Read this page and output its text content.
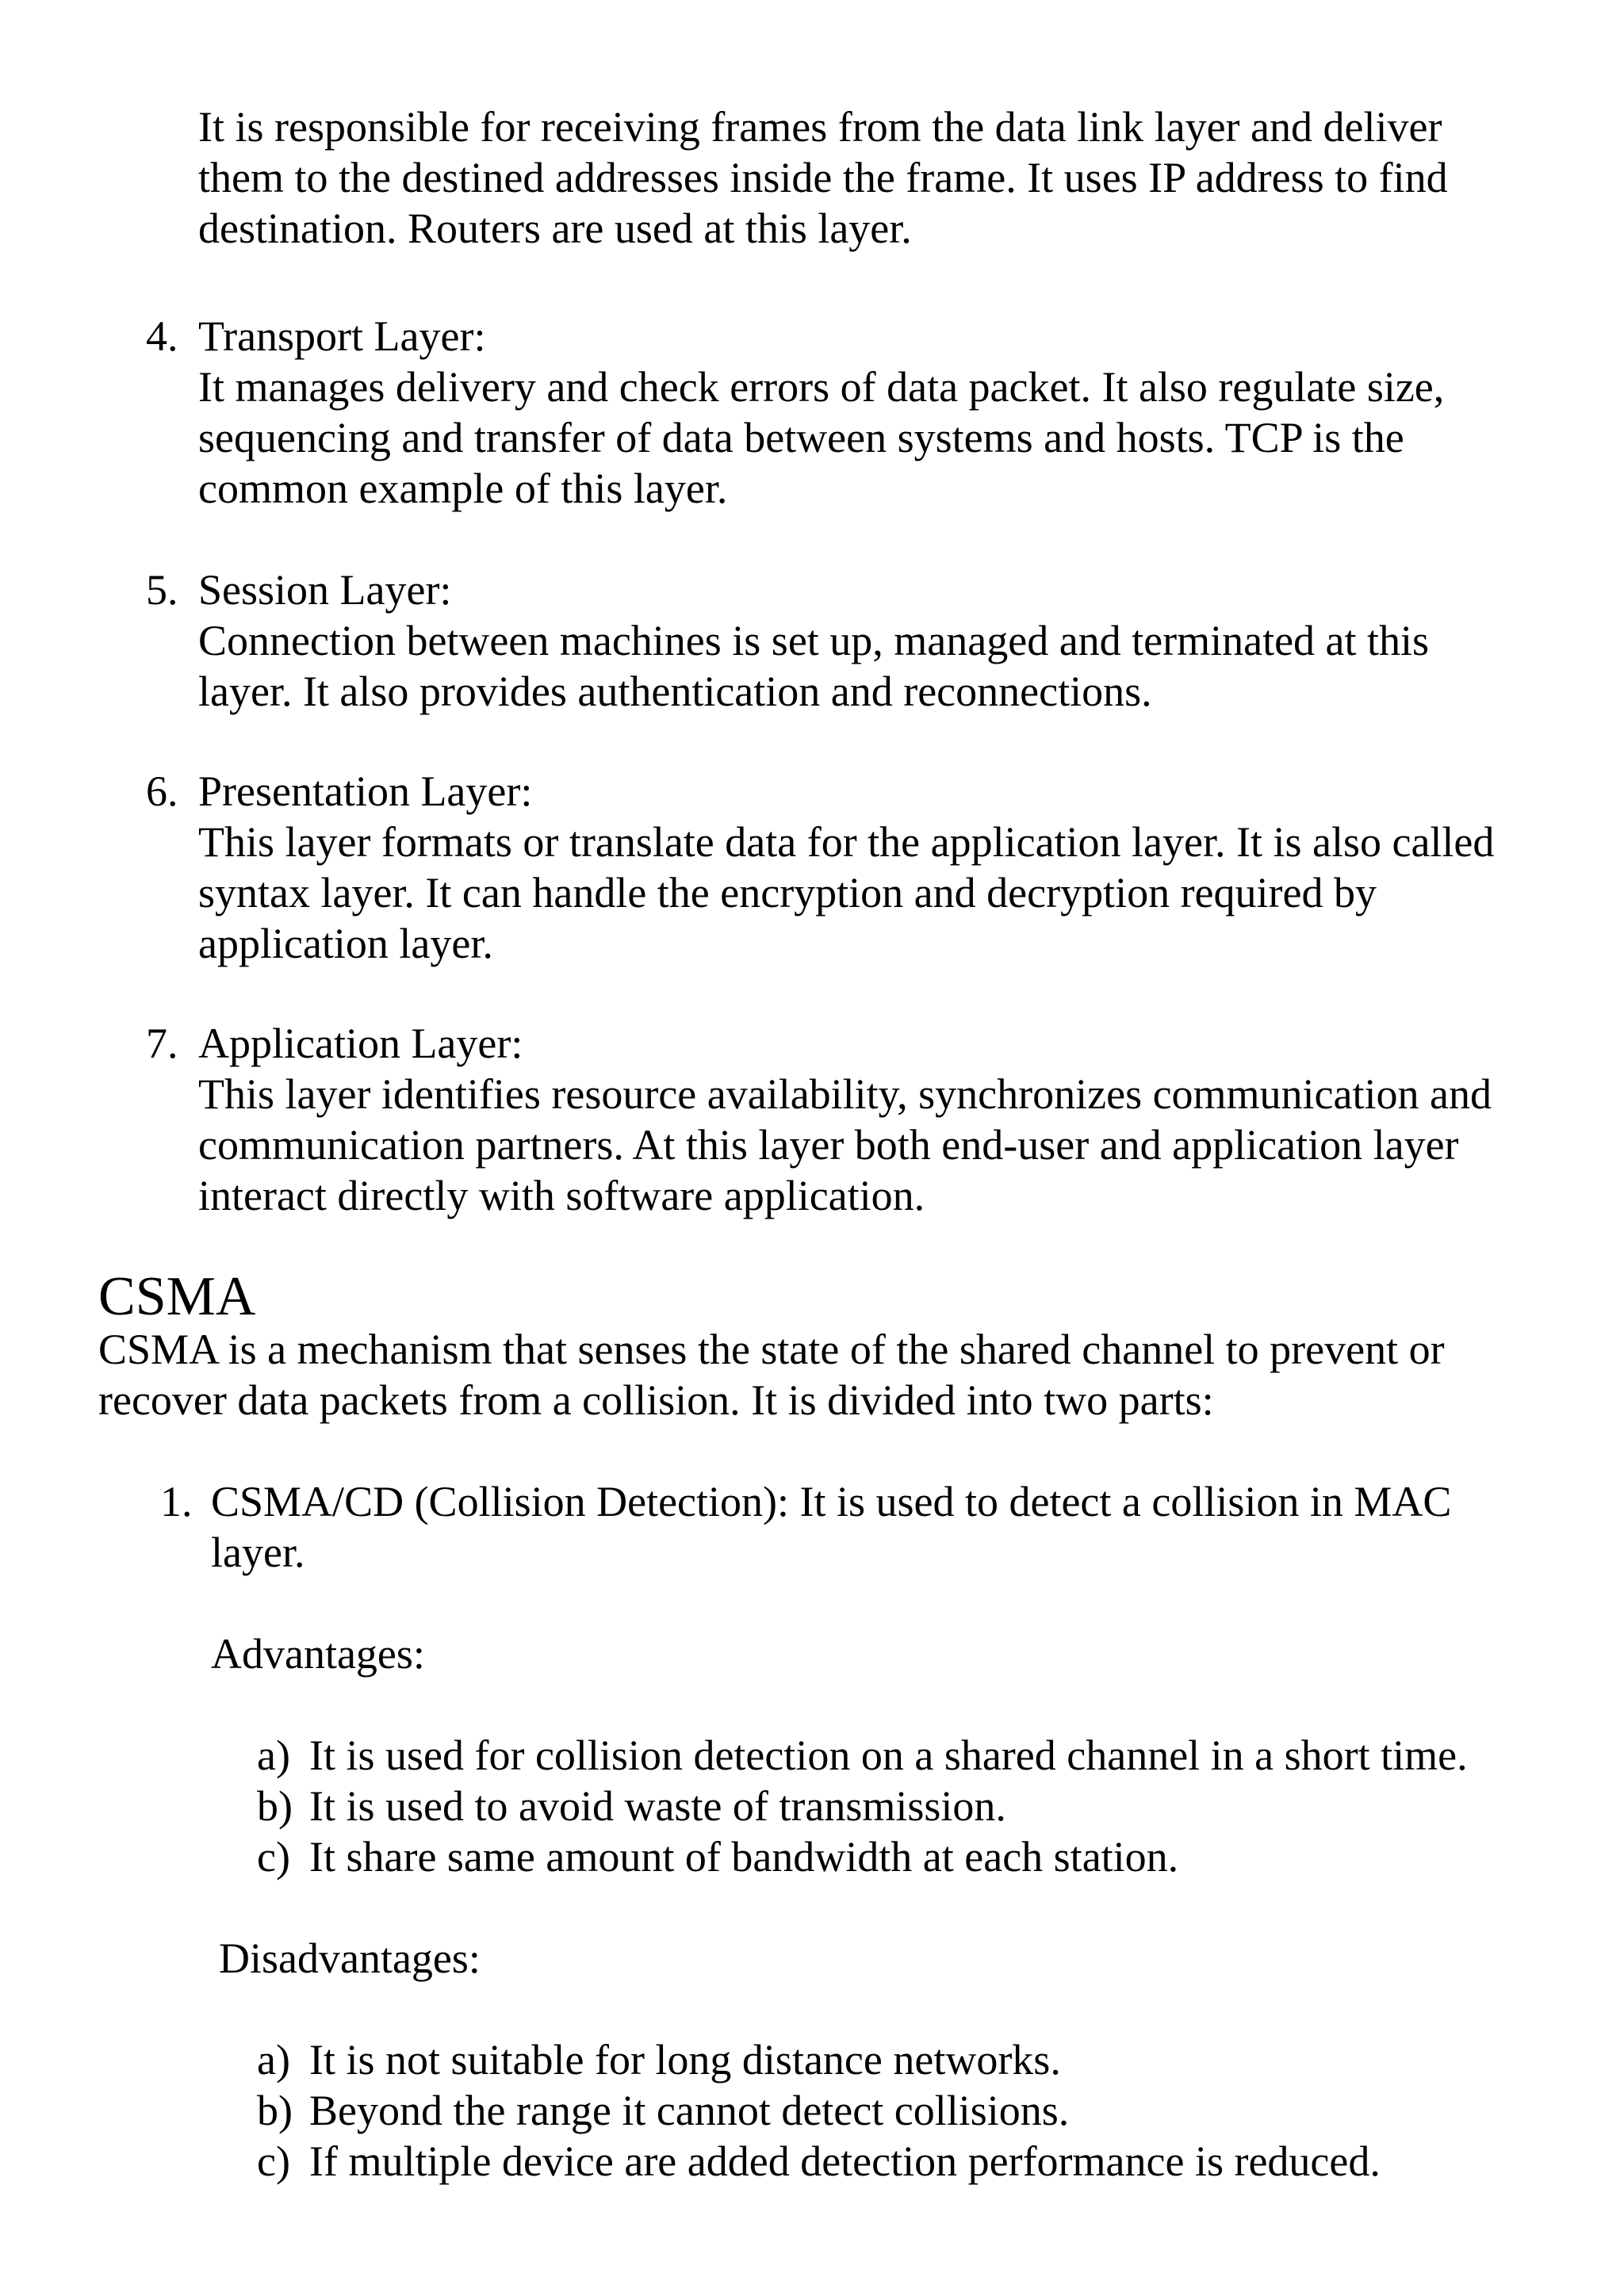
It is responsible for receiving frames from the data link layer and deliver
them to the destined addresses inside the frame. It uses IP address to find
destination. Routers are used at this layer.

4. Transport Layer:

It manages delivery and check errors of data packet. It also regulate size,
sequencing and transfer of data between systems and hosts. TCP is the
common example of this layer.

5. Session Layer:

Connection between machines is set up, managed and terminated at this
layer. It also provides authentication and reconnections.

6. Presentation Layer:

This layer formats or translate data for the application layer. It is also called
syntax layer. It can handle the encryption and decryption required by
application layer.

7. Application Layer:

This layer identifies resource availability, synchronizes communication and
communication partners. At this layer both end-user and application layer
interact directly with software application.

CSMA

CSMA is a mechanism that senses the state of the shared channel to prevent or
recover data packets from a collision. It is divided into two parts:

1. CSMA/CD (Collision Detection): It is used to detect a collision in MAC
layer.

Advantages:
a) It is used for collision detection on a shared channel in a short time.
b) It is used to avoid waste of transmission.
c) It share same amount of bandwidth at each station.
Disadvantages:
a) It is not suitable for long distance networks.
b) Beyond the range it cannot detect collisions.
c) If multiple device are added detection performance is reduced.
